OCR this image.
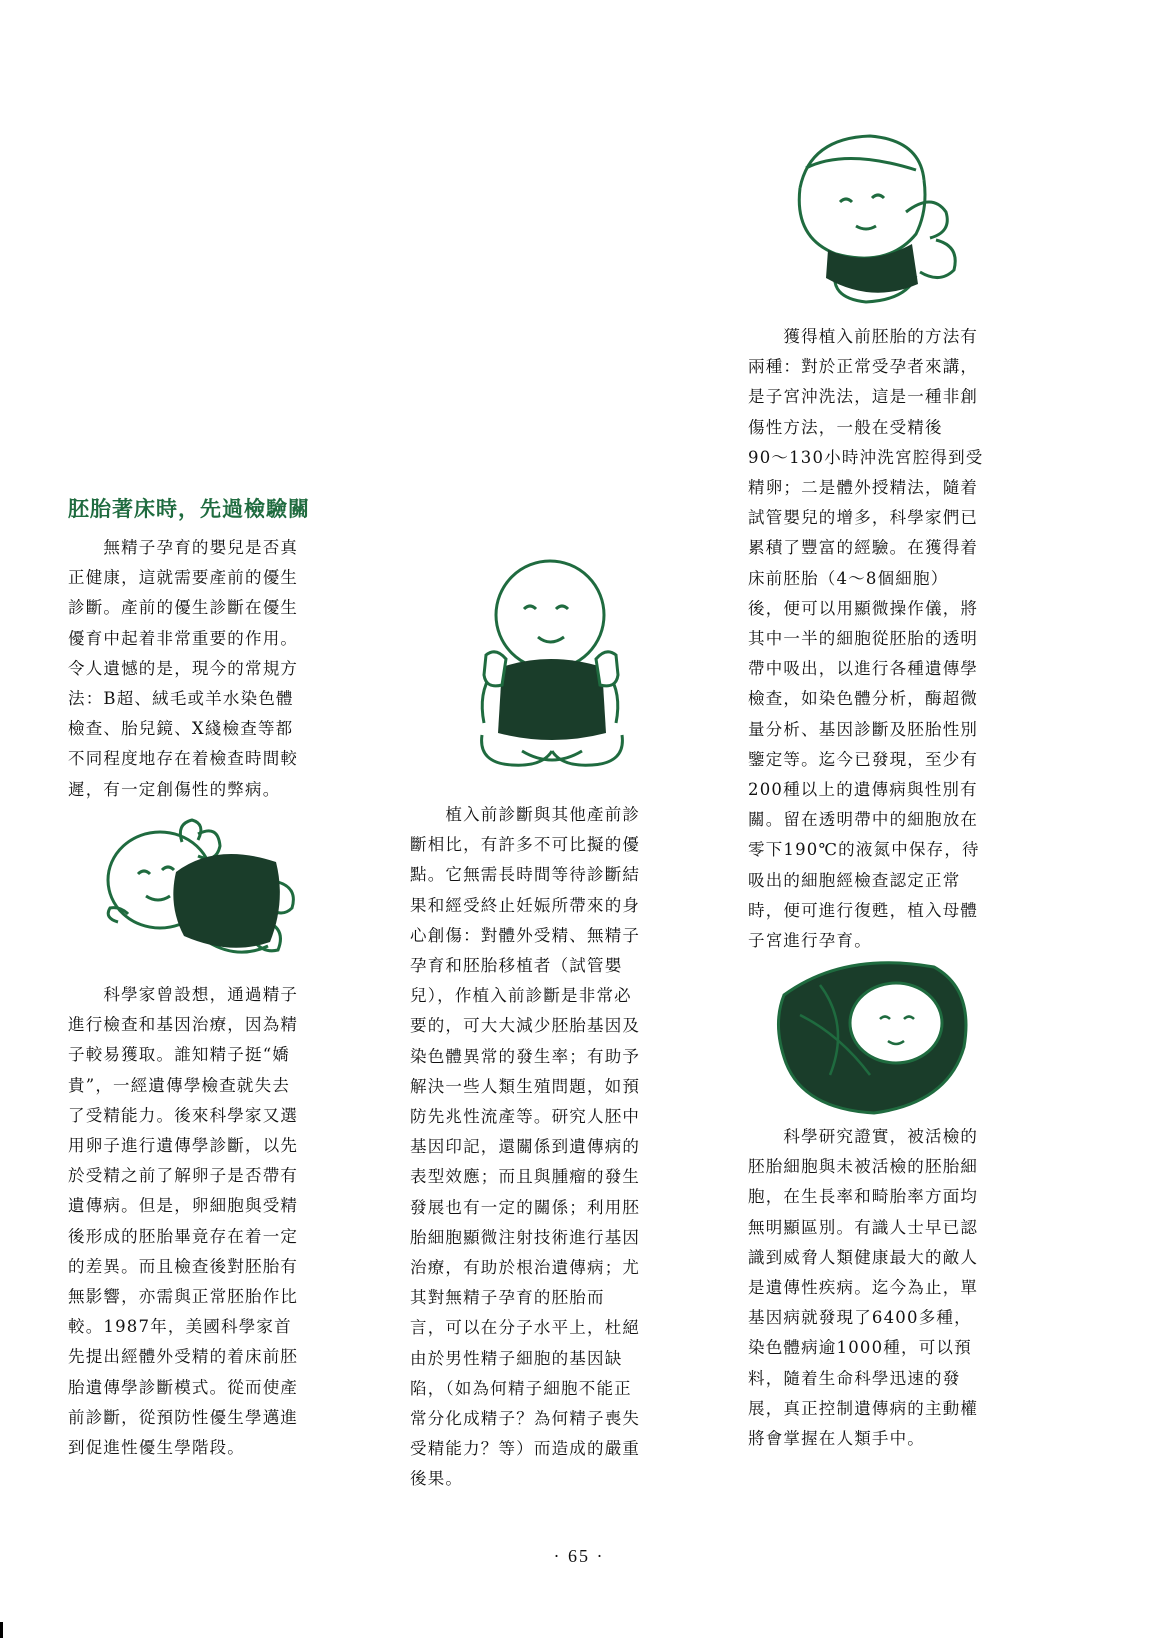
胚胎著床時，先過檢驗關

　　無精子孕育的嬰兒是否真
正健康，這就需要產前的優生
診斷。產前的優生診斷在優生
優育中起着非常重要的作用。
令人遺憾的是，現今的常規方
法：B超、絨毛或羊水染色體
檢查、胎兒鏡、X綫檢查等都
不同程度地存在着檢查時間較
遲，有一定創傷性的弊病。

　　科學家曾設想，通過精子
進行檢查和基因治療，因為精
子較易獲取。誰知精子挺“嬌
貴”，一經遺傳學檢查就失去
了受精能力。後來科學家又選
用卵子進行遺傳學診斷，以先
於受精之前了解卵子是否帶有
遺傳病。但是，卵細胞與受精
後形成的胚胎畢竟存在着一定
的差異。而且檢查後對胚胎有
無影響，亦需與正常胚胎作比
較。1987年，美國科學家首
先提出經體外受精的着床前胚
胎遺傳學診斷模式。從而使產
前診斷，從預防性優生學邁進
到促進性優生學階段。

　　植入前診斷與其他產前診
斷相比，有許多不可比擬的優
點。它無需長時間等待診斷結
果和經受終止妊娠所帶來的身
心創傷：對體外受精、無精子
孕育和胚胎移植者（試管嬰
兒），作植入前診斷是非常必
要的，可大大減少胚胎基因及
染色體異常的發生率；有助予
解決一些人類生殖問題，如預
防先兆性流產等。研究人胚中
基因印記，還關係到遺傳病的
表型效應；而且與腫瘤的發生
發展也有一定的關係；利用胚
胎細胞顯微注射技術進行基因
治療，有助於根治遺傳病；尤
其對無精子孕育的胚胎而
言，可以在分子水平上，杜絕
由於男性精子細胞的基因缺
陷，（如為何精子細胞不能正
常分化成精子？為何精子喪失
受精能力？等）而造成的嚴重
後果。

　　獲得植入前胚胎的方法有
兩種：對於正常受孕者來講，
是子宮沖洗法，這是一種非創
傷性方法，一般在受精後
90～130小時沖洗宮腔得到受
精卵；二是體外授精法，隨着
試管嬰兒的增多，科學家們已
累積了豐富的經驗。在獲得着
床前胚胎（4～8個細胞）
後，便可以用顯微操作儀，將
其中一半的細胞從胚胎的透明
帶中吸出，以進行各種遺傳學
檢查，如染色體分析，酶超微
量分析、基因診斷及胚胎性別
鑒定等。迄今已發現，至少有
200種以上的遺傳病與性別有
關。留在透明帶中的細胞放在
零下190℃的液氮中保存，待
吸出的細胞經檢查認定正常
時，便可進行復甦，植入母體
子宮進行孕育。

　　科學研究證實，被活檢的
胚胎細胞與未被活檢的胚胎細
胞，在生長率和畸胎率方面均
無明顯區別。有識人士早已認
識到威脅人類健康最大的敵人
是遺傳性疾病。迄今為止，單
基因病就發現了6400多種，
染色體病逾1000種，可以預
料，隨着生命科學迅速的發
展，真正控制遺傳病的主動權
將會掌握在人類手中。

· 65 ·
